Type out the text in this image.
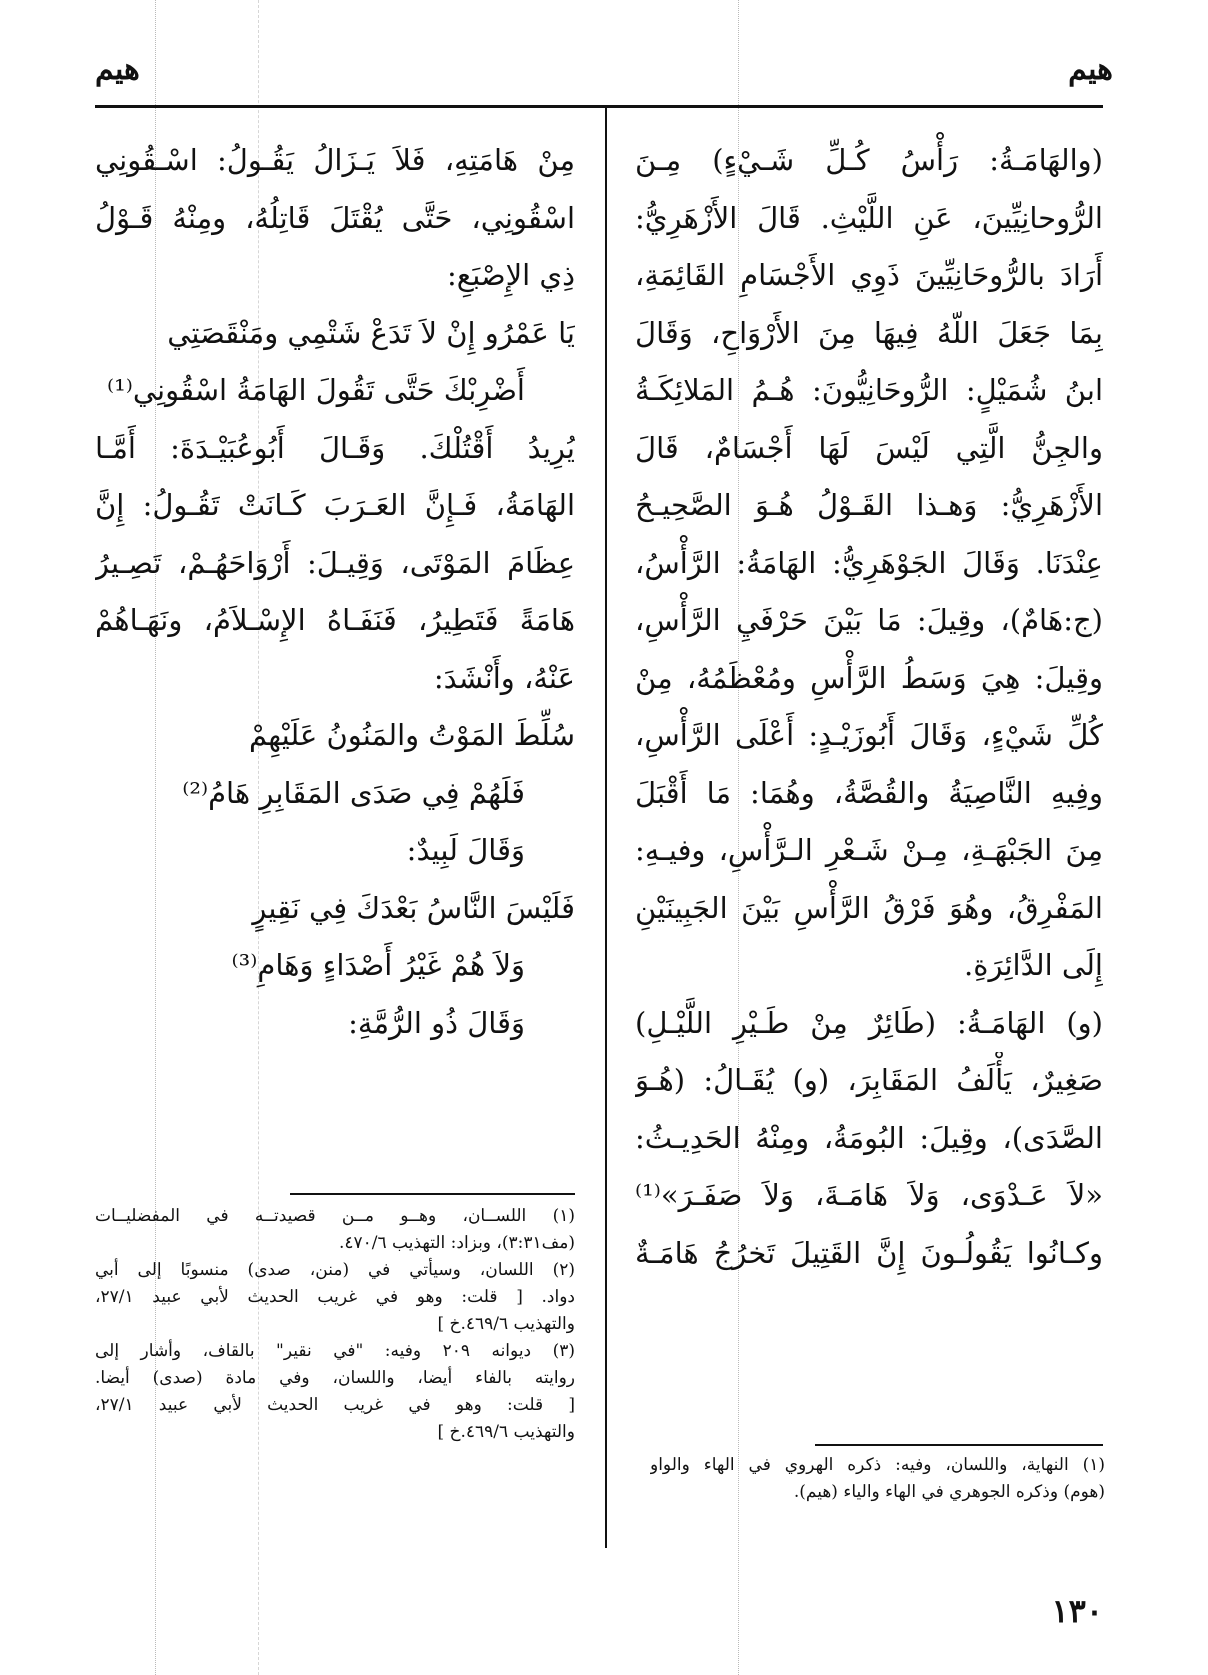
هيم
هيم
(والهَامَـةُ: رَأْسُ كُـلِّ شَـيْءٍ) مِـنَ
الرُّوحانِيِّينَ، عَنِ اللَّيْثِ. قَالَ الأَزْهَرِيُّ:
أَرَادَ بالرُّوحَانِيِّينَ ذَوِي الأَجْسَامِ القَائِمَةِ،
بِمَا جَعَلَ اللّهُ فِيهَا مِنَ الأَرْوَاحِ، وَقَالَ
ابنُ شُمَيْلٍ: الرُّوحَانِيُّونَ: هُـمُ المَلائِكَـةُ
والجِنُّ الَّتِي لَيْسَ لَهَا أَجْسَامٌ، قَالَ
الأَزْهَرِيُّ: وَهـذا القَـوْلُ هُـوَ الصَّحِيـحُ
عِنْدَنَا. وَقَالَ الجَوْهَرِيُّ: الهَامَةُ: الرَّأْسُ،
(ج:هَامٌ)، وقِيلَ: مَا بَيْنَ حَرْفَيِ الرَّأْسِ،
وقِيلَ: هِيَ وَسَطُ الرَّأْسِ ومُعْظَمُهُ، مِنْ
كُلِّ شَيْءٍ، وَقَالَ أَبُوزَيْـدٍ: أَعْلَى الرَّأْسِ،
وفِيهِ النَّاصِيَةُ والقُصَّةُ، وهُمَا: مَا أَقْبَلَ
مِنَ الجَبْهَـةِ، مِـنْ شَـعْرِ الـرَّأْسِ، وفيـهِ:
المَفْرِقُ، وهُوَ فَرْقُ الرَّأْسِ بَيْنَ الجَبِينَيْنِ
إِلَى الدَّائِرَةِ.
(و) الهَامَـةُ: (طَائِرٌ مِنْ طَـيْرِ اللَّيْـلِ)
صَغِيرٌ، يَأْلَفُ المَقَابِرَ، (و) يُقَـالُ: (هُـوَ
الصَّدَى)، وقِيلَ: البُومَةُ، ومِنْهُ الحَدِيـثُ:
«لاَ عَـدْوَى، وَلاَ هَامَـةَ، وَلاَ صَفَـرَ»⁽¹⁾
وكـانُوا يَقُولُـونَ إِنَّ القَتِيلَ تَخرُجُ هَامَـةٌ
مِنْ هَامَتِهِ، فَلاَ يَـزَالُ يَقُـولُ: اسْـقُونِي
اسْقُونِي، حَتَّى يُقْتَلَ قَاتِلُهُ، ومِنْهُ قَـوْلُ
ذِي الإِصْبَعِ:
يَا عَمْرُو إِنْ لاَ تَدَعْ شَتْمِي ومَنْقَصَتِي
أَضْرِبْكَ حَتَّى تَقُولَ الهَامَةُ اسْقُونِي⁽¹⁾
يُرِيدُ أَقْتُلْكَ. وَقَـالَ أَبُوعُبَيْـدَةَ: أَمَّـا
الهَامَةُ، فَـإِنَّ العَـرَبَ كَـانَتْ تَقُـولُ: إِنَّ
عِظَامَ المَوْتَى، وَقِيـلَ: أَرْوَاحَهُـمْ، تَصِـيرُ
هَامَةً فَتَطِيرُ، فَنَفَـاهُ الإِسْـلاَمُ، ونَهَـاهُمْ
عَنْهُ، وأَنْشَدَ:
سُلِّطَ المَوْتُ والمَنُونُ عَلَيْهِمْ
فَلَهُمْ فِي صَدَى المَقَابِرِ هَامُ⁽²⁾
وَقَالَ لَبِيدٌ:
فَلَيْسَ النَّاسُ بَعْدَكَ فِي نَقِيرٍ
وَلاَ هُمْ غَيْرُ أَصْدَاءٍ وَهَامِ⁽³⁾
وَقَالَ ذُو الرُّمَّةِ:
(١) اللســان، وهــو مــن قصيدتــه في المفضليــات
(مف٣:٣١)، وبزاد: التهذيب ٤٧٠/٦.
(٢) اللسان، وسيأتي في (منن، صدى) منسوبًا إلى أبي
دواد. [ قلت: وهو في غريب الحديث لأبي عبيد ٢٧/١،
والتهذيب ٤٦٩/٦.خ ]
(٣) ديوانه ٢٠٩ وفيه: "في نقير" بالقاف، وأشار إلى
روايته بالفاء أيضا، واللسان، وفي مادة (صدى) أيضا.
[ قلت: وهو في غريب الحديث لأبي عبيد ٢٧/١،
والتهذيب ٤٦٩/٦.خ ]
(١) النهاية، واللسان، وفيه: ذكره الهروي في الهاء والواو
(هوم) وذكره الجوهري في الهاء والياء (هيم).
١٣٠
